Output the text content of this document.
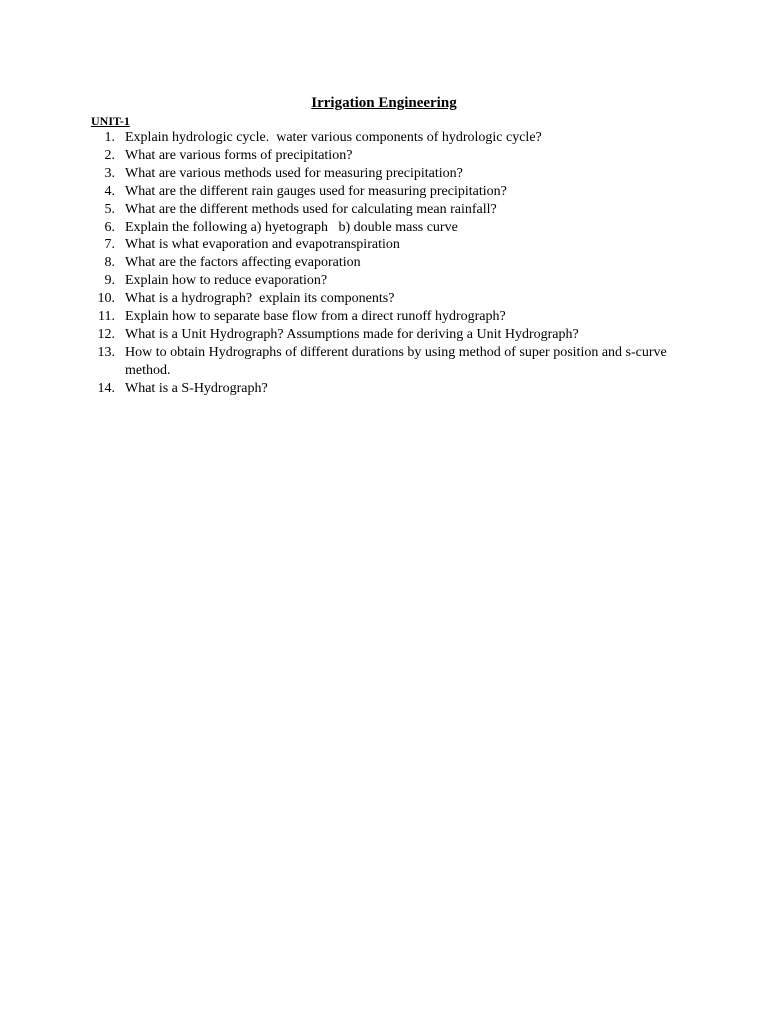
Irrigation Engineering
UNIT-1
1. Explain hydrologic cycle.  water various components of hydrologic cycle?
2. What are various forms of precipitation?
3. What are various methods used for measuring precipitation?
4. What are the different rain gauges used for measuring precipitation?
5. What are the different methods used for calculating mean rainfall?
6. Explain the following a) hyetograph   b) double mass curve
7. What is what evaporation and evapotranspiration
8. What are the factors affecting evaporation
9. Explain how to reduce evaporation?
10. What is a hydrograph?  explain its components?
11. Explain how to separate base flow from a direct runoff hydrograph?
12. What is a Unit Hydrograph? Assumptions made for deriving a Unit Hydrograph?
13. How to obtain Hydrographs of different durations by using method of super position and s-curve method.
14. What is a S-Hydrograph?
